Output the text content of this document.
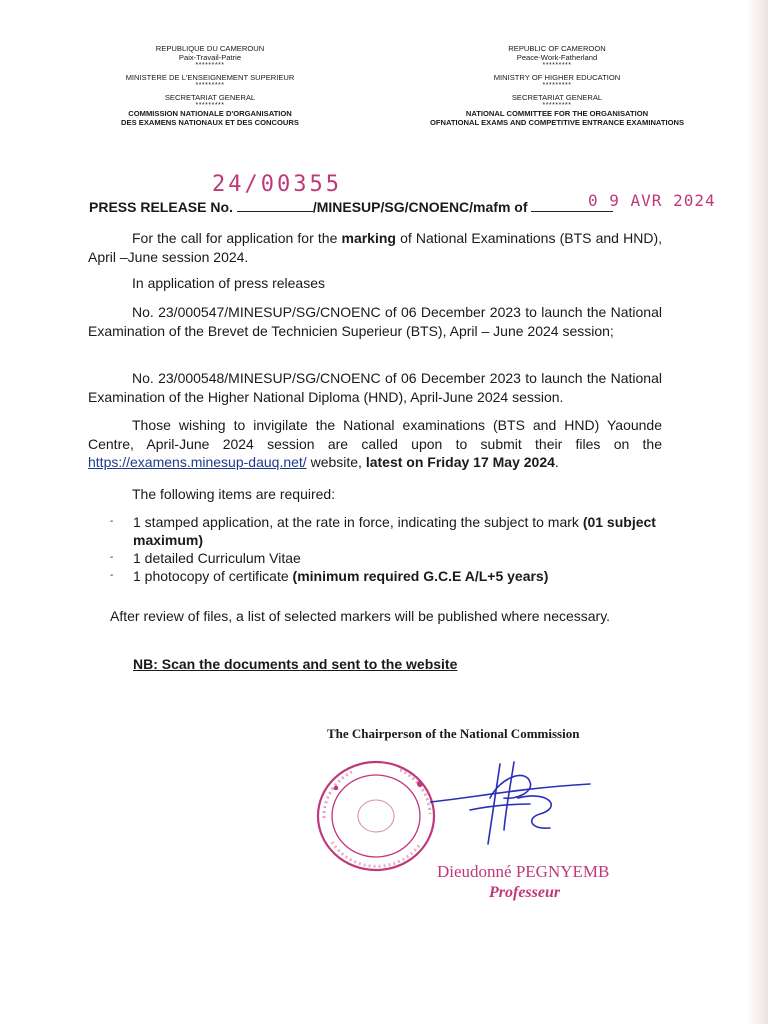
REPUBLIQUE DU CAMEROUN
Paix-Travail-Patrie
*********
MINISTERE DE L'ENSEIGNEMENT SUPERIEUR
*********
SECRETARIAT GENERAL
*********
COMMISSION NATIONALE D'ORGANISATION
DES EXAMENS NATIONAUX ET DES CONCOURS
REPUBLIC OF CAMEROON
Peace-Work-Fatherland
*********
MINISTRY OF HIGHER EDUCATION
*********
SECRETARIAT GENERAL
*********
NATIONAL COMMITTEE FOR THE ORGANISATION
OFNATIONAL EXAMS AND COMPETITIVE ENTRANCE EXAMINATIONS
24/00355
PRESS RELEASE No.	/MINESUP/SG/CNOENC/mafm of	0 9 AVR 2024
For the call for application for the marking of National Examinations (BTS and HND), April –June session 2024.
In application of press releases
No. 23/000547/MINESUP/SG/CNOENC of 06 December 2023 to launch the National Examination of the Brevet de Technicien Superieur (BTS), April – June 2024 session;
No. 23/000548/MINESUP/SG/CNOENC of 06 December 2023 to launch the National Examination of the Higher National Diploma (HND), April-June 2024 session.
Those wishing to invigilate the National examinations (BTS and HND) Yaounde Centre, April-June 2024 session are called upon to submit their files on the https://examens.minesup-dauq.net/ website, latest on Friday 17 May 2024.
The following items are required:
- 1 stamped application, at the rate in force, indicating the subject to mark (01 subject maximum)
- 1 detailed Curriculum Vitae
- 1 photocopy of certificate (minimum required G.C.E A/L+5 years)
After review of files, a list of selected markers will be published where necessary.
NB: Scan the documents and sent to the website
The Chairperson of the National Commission
Dieudonné PEGNYEMB
Professeur
